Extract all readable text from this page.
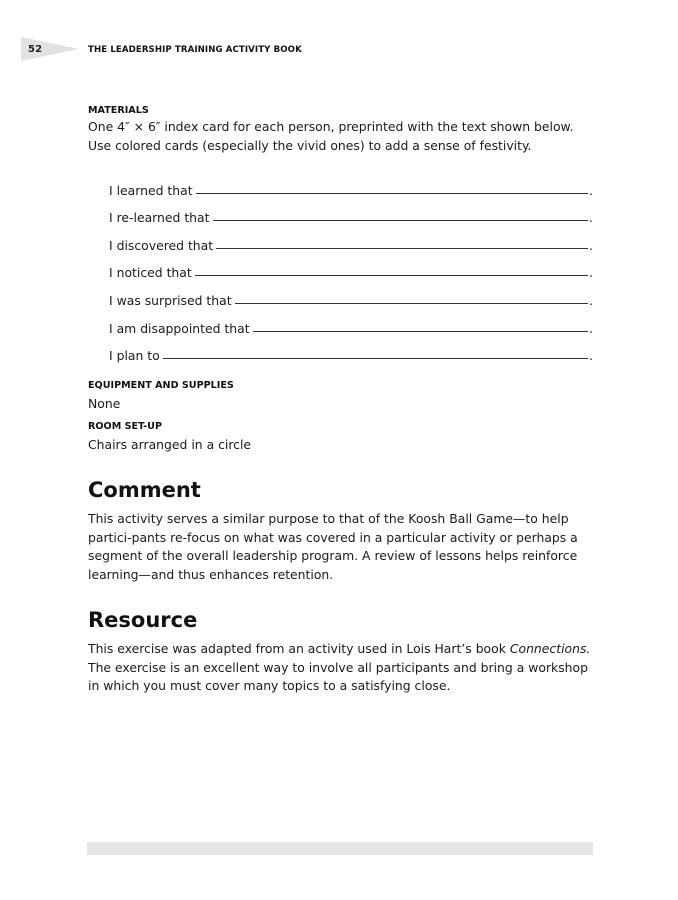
52	THE LEADERSHIP TRAINING ACTIVITY BOOK
MATERIALS

One 4″ × 6″ index card for each person, preprinted with the text shown below. Use colored cards (especially the vivid ones) to add a sense of festivity.

I learned that	.
I re-learned that	.
I discovered that	.
I noticed that	.
I was surprised that	.
I am disappointed that	.
I plan to	.
EQUIPMENT AND SUPPLIES

None

ROOM SET-UP

Chairs arranged in a circle

Comment

This activity serves a similar purpose to that of the Koosh Ball Game—to help partici-pants re-focus on what was covered in a particular activity or perhaps a segment of the overall leadership program. A review of lessons helps reinforce learning—and thus enhances retention.

Resource

This exercise was adapted from an activity used in Lois Hart’s book Connections. The exercise is an excellent way to involve all participants and bring a workshop in which you must cover many topics to a satisfying close.
